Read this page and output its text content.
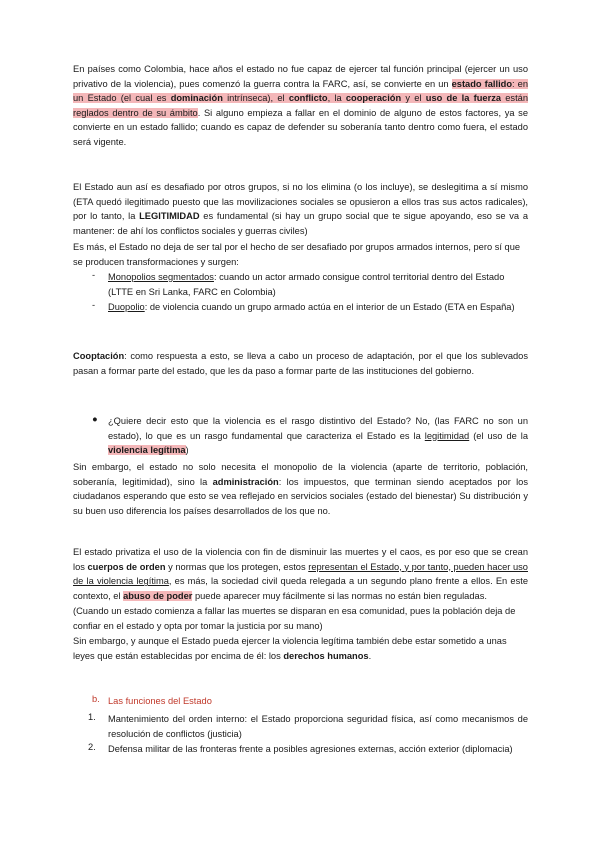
En países como Colombia, hace años el estado no fue capaz de ejercer tal función principal (ejercer un uso privativo de la violencia), pues comenzó la guerra contra la FARC, así, se convierte en un estado fallido: en un Estado (el cual es dominación intrínseca), el conflicto, la cooperación y el uso de la fuerza están reglados dentro de su ámbito. Si alguno empieza a fallar en el dominio de alguno de estos factores, ya se convierte en un estado fallido; cuando es capaz de defender su soberanía tanto dentro como fuera, el estado será vigente.

El Estado aun así es desafiado por otros grupos, si no los elimina (o los incluye), se deslegitima a sí mismo (ETA quedó ilegitimado puesto que las movilizaciones sociales se opusieron a ellos tras sus actos radicales), por lo tanto, la LEGITIMIDAD es fundamental (si hay un grupo social que te sigue apoyando, eso se va a mantener: de ahí los conflictos sociales y guerras civiles)

Es más, el Estado no deja de ser tal por el hecho de ser desafiado por grupos armados internos, pero sí que se producen transformaciones y surgen:

- Monopolios segmentados: cuando un actor armado consigue control territorial dentro del Estado (LTTE en Sri Lanka, FARC en Colombia)

- Duopolio: de violencia cuando un grupo armado actúa en el interior de un Estado (ETA en España)

Cooptación: como respuesta a esto, se lleva a cabo un proceso de adaptación, por el que los sublevados pasan a formar parte del estado, que les da paso a formar parte de las instituciones del gobierno.

● ¿Quiere decir esto que la violencia es el rasgo distintivo del Estado? No, (las FARC no son un estado), lo que es un rasgo fundamental que caracteriza el Estado es la legitimidad (el uso de la violencia legítima)

Sin embargo, el estado no solo necesita el monopolio de la violencia (aparte de territorio, población, soberanía, legitimidad), sino la administración: los impuestos, que terminan siendo aceptados por los ciudadanos esperando que esto se vea reflejado en servicios sociales (estado del bienestar) Su distribución y su buen uso diferencia los países desarrollados de los que no.

El estado privatiza el uso de la violencia con fin de disminuir las muertes y el caos, es por eso que se crean los cuerpos de orden y normas que los protegen, estos representan el Estado, y por tanto, pueden hacer uso de la violencia legítima, es más, la sociedad civil queda relegada a un segundo plano frente a ellos. En este contexto, el abuso de poder puede aparecer muy fácilmente si las normas no están bien reguladas.

(Cuando un estado comienza a fallar las muertes se disparan en esa comunidad, pues la población deja de confiar en el estado y opta por tomar la justicia por su mano)

Sin embargo, y aunque el Estado pueda ejercer la violencia legítima también debe estar sometido a unas leyes que están establecidas por encima de él: los derechos humanos.

b. Las funciones del Estado
1. Mantenimiento del orden interno: el Estado proporciona seguridad física, así como mecanismos de resolución de conflictos (justicia)

2. Defensa militar de las fronteras frente a posibles agresiones externas, acción exterior (diplomacia)
